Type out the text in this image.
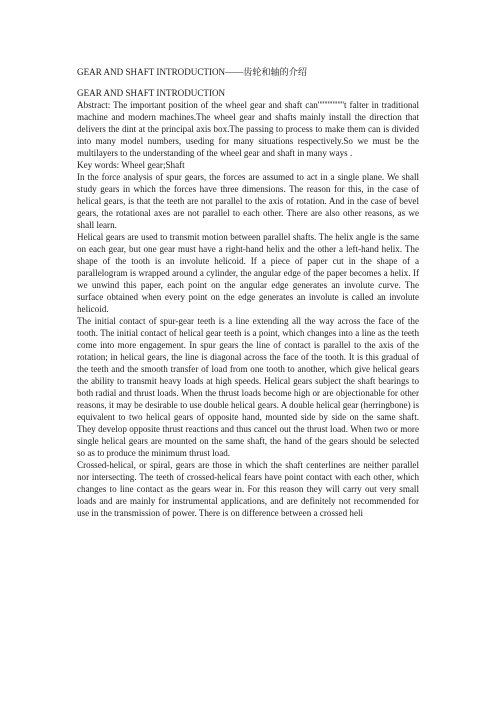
GEAR AND SHAFT INTRODUCTION——齿轮和轴的介绍
GEAR AND SHAFT INTRODUCTION

Abstract: The important position of the wheel gear and shaft can''''''''''''''''t falter in traditional machine and modern machines.The wheel gear and shafts mainly install the direction that delivers the dint at the principal axis box.The passing to process to make them can is divided into many model numbers, useding for many situations respectively.So we must be the multilayers to the understanding of the wheel gear and shaft in many ways .

Key words: Wheel gear;Shaft

In the force analysis of spur gears, the forces are assumed to act in a single plane. We shall study gears in which the forces have three dimensions. The reason for this, in the case of helical gears, is that the teeth are not parallel to the axis of rotation. And in the case of bevel gears, the rotational axes are not parallel to each other. There are also other reasons, as we shall learn.

Helical gears are used to transmit motion between parallel shafts. The helix angle is the same on each gear, but one gear must have a right-hand helix and the other a left-hand helix. The shape of the tooth is an involute helicoid. If a piece of paper cut in the shape of a parallelogram is wrapped around a cylinder, the angular edge of the paper becomes a helix. If we unwind this paper, each point on the angular edge generates an involute curve. The surface obtained when every point on the edge generates an involute is called an involute helicoid.

The initial contact of spur-gear teeth is a line extending all the way across the face of the tooth. The initial contact of helical gear teeth is a point, which changes into a line as the teeth come into more engagement. In spur gears the line of contact is parallel to the axis of the rotation; in helical gears, the line is diagonal across the face of the tooth. It is this gradual of the teeth and the smooth transfer of load from one tooth to another, which give helical gears the ability to transmit heavy loads at high speeds. Helical gears subject the shaft bearings to both radial and thrust loads. When the thrust loads become high or are objectionable for other reasons, it may be desirable to use double helical gears. A double helical gear (herringbone) is equivalent to two helical gears of opposite hand, mounted side by side on the same shaft. They develop opposite thrust reactions and thus cancel out the thrust load. When two or more single helical gears are mounted on the same shaft, the hand of the gears should be selected so as to produce the minimum thrust load.

Crossed-helical, or spiral, gears are those in which the shaft centerlines are neither parallel nor intersecting. The teeth of crossed-helical fears have point contact with each other, which changes to line contact as the gears wear in. For this reason they will carry out very small loads and are mainly for instrumental applications, and are definitely not recommended for use in the transmission of power. There is on difference between a crossed heli
